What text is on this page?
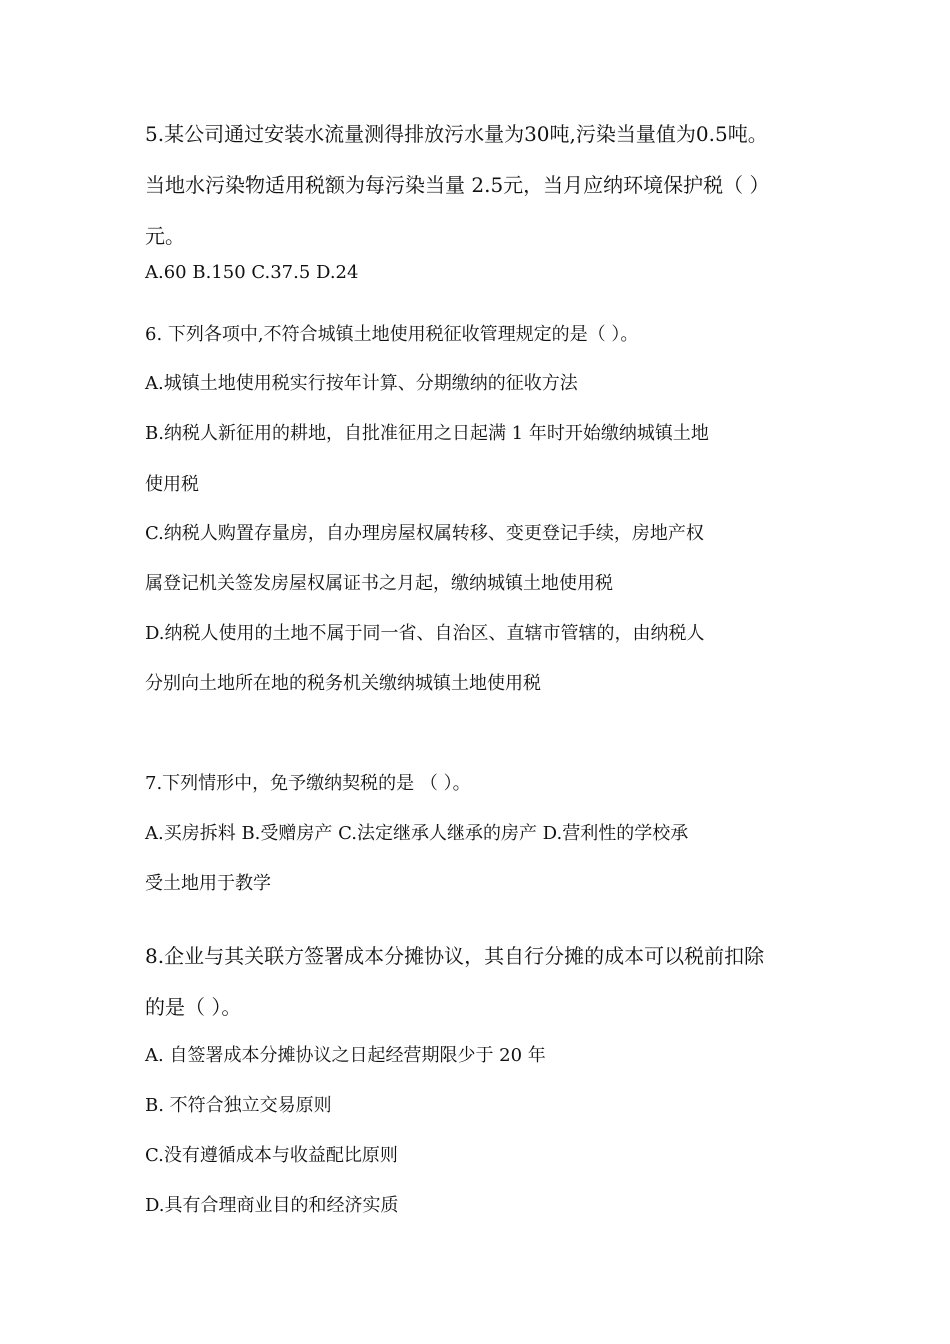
5.某公司通过安装水流量测得排放污水量为30吨,污染当量值为0.5吨。
当地水污染物适用税额为每污染当量 2.5元，当月应纳环境保护税（ ）
元。
A.60 B.150 C.37.5 D.24
6. 下列各项中,不符合城镇土地使用税征收管理规定的是（ ）。
A.城镇土地使用税实行按年计算、分期缴纳的征收方法
B.纳税人新征用的耕地，自批准征用之日起满 1 年时开始缴纳城镇土地
使用税
C.纳税人购置存量房，自办理房屋权属转移、变更登记手续，房地产权
属登记机关签发房屋权属证书之月起，缴纳城镇土地使用税
D.纳税人使用的土地不属于同一省、自治区、直辖市管辖的，由纳税人
分别向土地所在地的税务机关缴纳城镇土地使用税
7.下列情形中，免予缴纳契税的是 （ ）。
A.买房拆料 B.受赠房产 C.法定继承人继承的房产 D.营利性的学校承
受土地用于教学
8.企业与其关联方签署成本分摊协议，其自行分摊的成本可以税前扣除
的是（ ）。
A. 自签署成本分摊协议之日起经营期限少于 20 年
B. 不符合独立交易原则
C.没有遵循成本与收益配比原则
D.具有合理商业目的和经济实质
